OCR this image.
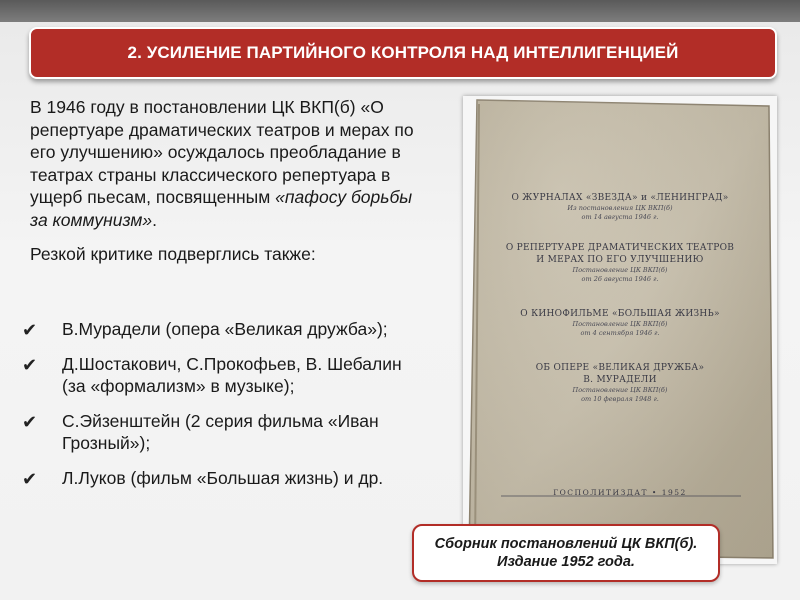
2. УСИЛЕНИЕ ПАРТИЙНОГО КОНТРОЛЯ НАД ИНТЕЛЛИГЕНЦИЕЙ

В 1946 году в постановлении ЦК ВКП(б) «О репертуаре драматических театров и мерах по его улучшению» осуждалось преобладание в театрах страны классического репертуара в ущерб пьесам, посвященным «пафосу борьбы за коммунизм».

Резкой критике подверглись также:

✔ В.Мурадели (опера «Великая дружба»);
✔ Д.Шостакович, С.Прокофьев, В. Шебалин (за «формализм» в музыке);
✔ С.Эйзенштейн (2 серия фильма «Иван Грозный»);
✔ Л.Луков (фильм «Большая жизнь) и др.
О ЖУРНАЛАХ «ЗВЕЗДА» и «ЛЕНИНГРАД»
Из постановления ЦК ВКП(б)
от 14 августа 1946 г.
О РЕПЕРТУАРЕ ДРАМАТИЧЕСКИХ ТЕАТРОВ
И МЕРАХ ПО ЕГО УЛУЧШЕНИЮ
Постановление ЦК ВКП(б)
от 26 августа 1946 г.
О КИНОФИЛЬМЕ «БОЛЬШАЯ ЖИЗНЬ»
Постановление ЦК ВКП(б)
от 4 сентября 1946 г.
ОБ ОПЕРЕ «ВЕЛИКАЯ ДРУЖБА»
В. МУРАДЕЛИ
Постановление ЦК ВКП(б)
от 10 февраля 1948 г.
ГОСПОЛИТИЗДАТ • 1952
Сборник постановлений ЦК ВКП(б).
Издание 1952 года.
